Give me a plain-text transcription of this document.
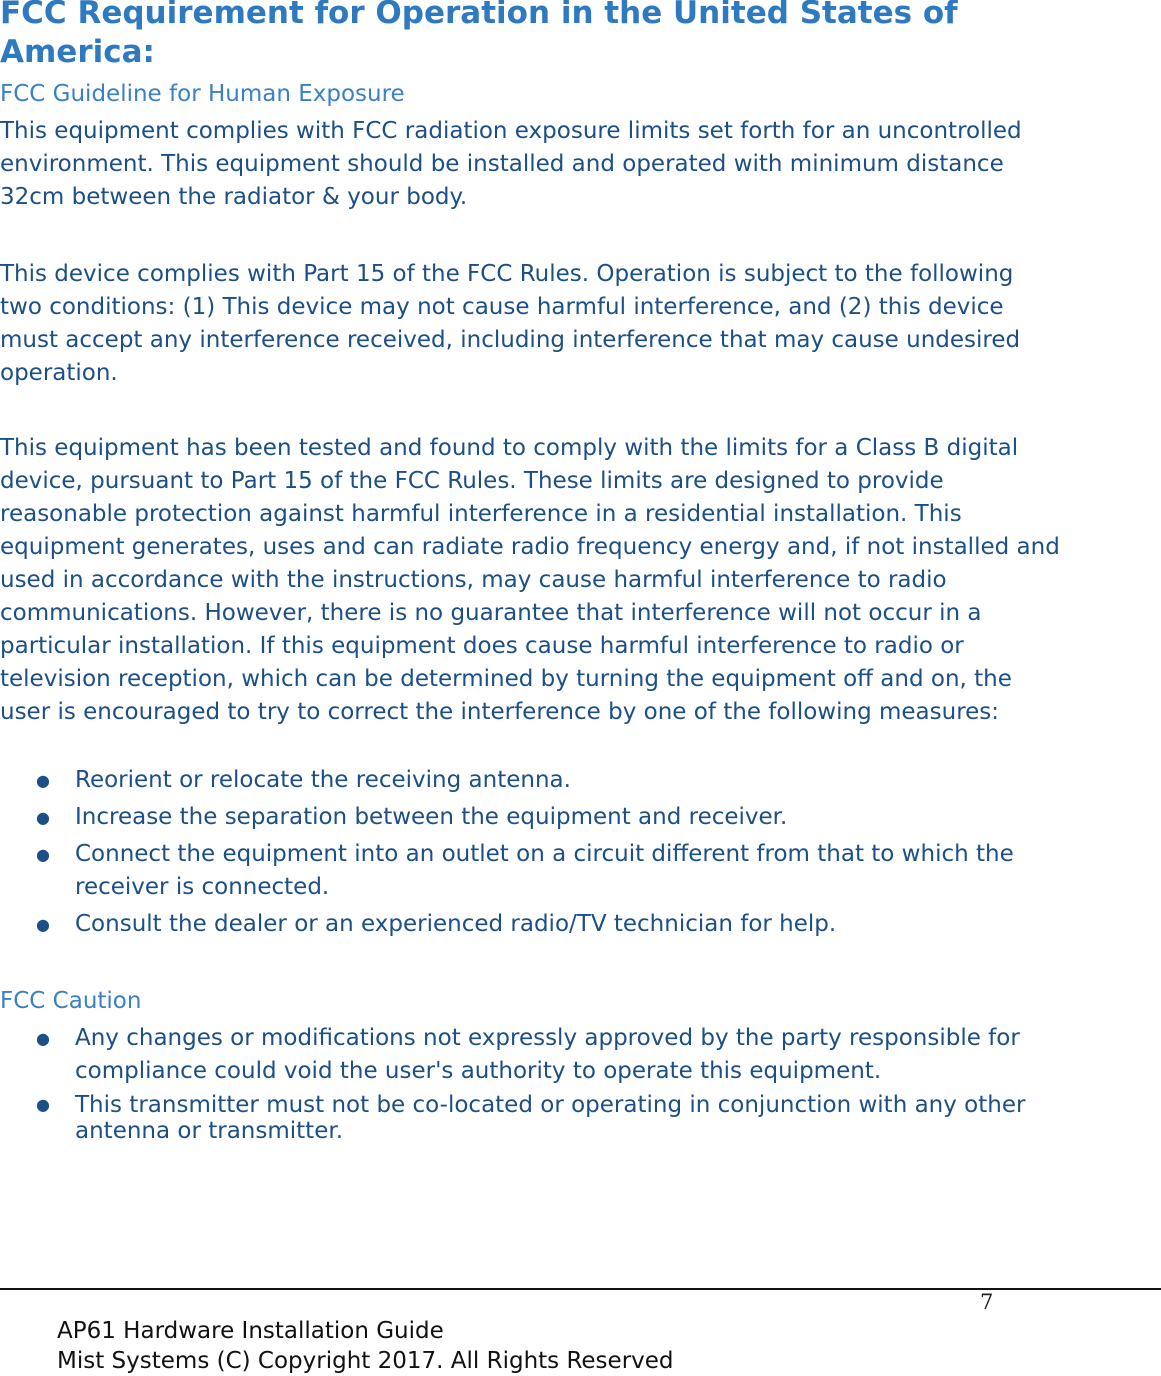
FCC Requirement for Operation in the United States of America:
FCC Guideline for Human Exposure

This equipment complies with FCC radiation exposure limits set forth for an uncontrolled environment. This equipment should be installed and operated with minimum distance 32cm between the radiator & your body.

This device complies with Part 15 of the FCC Rules. Operation is subject to the following two conditions: (1) This device may not cause harmful interference, and (2) this device must accept any interference received, including interference that may cause undesired operation.

This equipment has been tested and found to comply with the limits for a Class B digital device, pursuant to Part 15 of the FCC Rules. These limits are designed to provide reasonable protection against harmful interference in a residential installation. This equipment generates, uses and can radiate radio frequency energy and, if not installed and used in accordance with the instructions, may cause harmful interference to radio communications. However, there is no guarantee that interference will not occur in a particular installation. If this equipment does cause harmful interference to radio or television reception, which can be determined by turning the equipment off and on, the user is encouraged to try to correct the interference by one of the following measures:

● Reorient or relocate the receiving antenna.
● Increase the separation between the equipment and receiver.
● Connect the equipment into an outlet on a circuit different from that to which the receiver is connected.
● Consult the dealer or an experienced radio/TV technician for help.
FCC Caution
● Any changes or modifications not expressly approved by the party responsible for compliance could void the user's authority to operate this equipment.
● This transmitter must not be co-located or operating in conjunction with any other antenna or transmitter.
7
AP61 Hardware Installation Guide
Mist Systems (C) Copyright 2017. All Rights Reserved
